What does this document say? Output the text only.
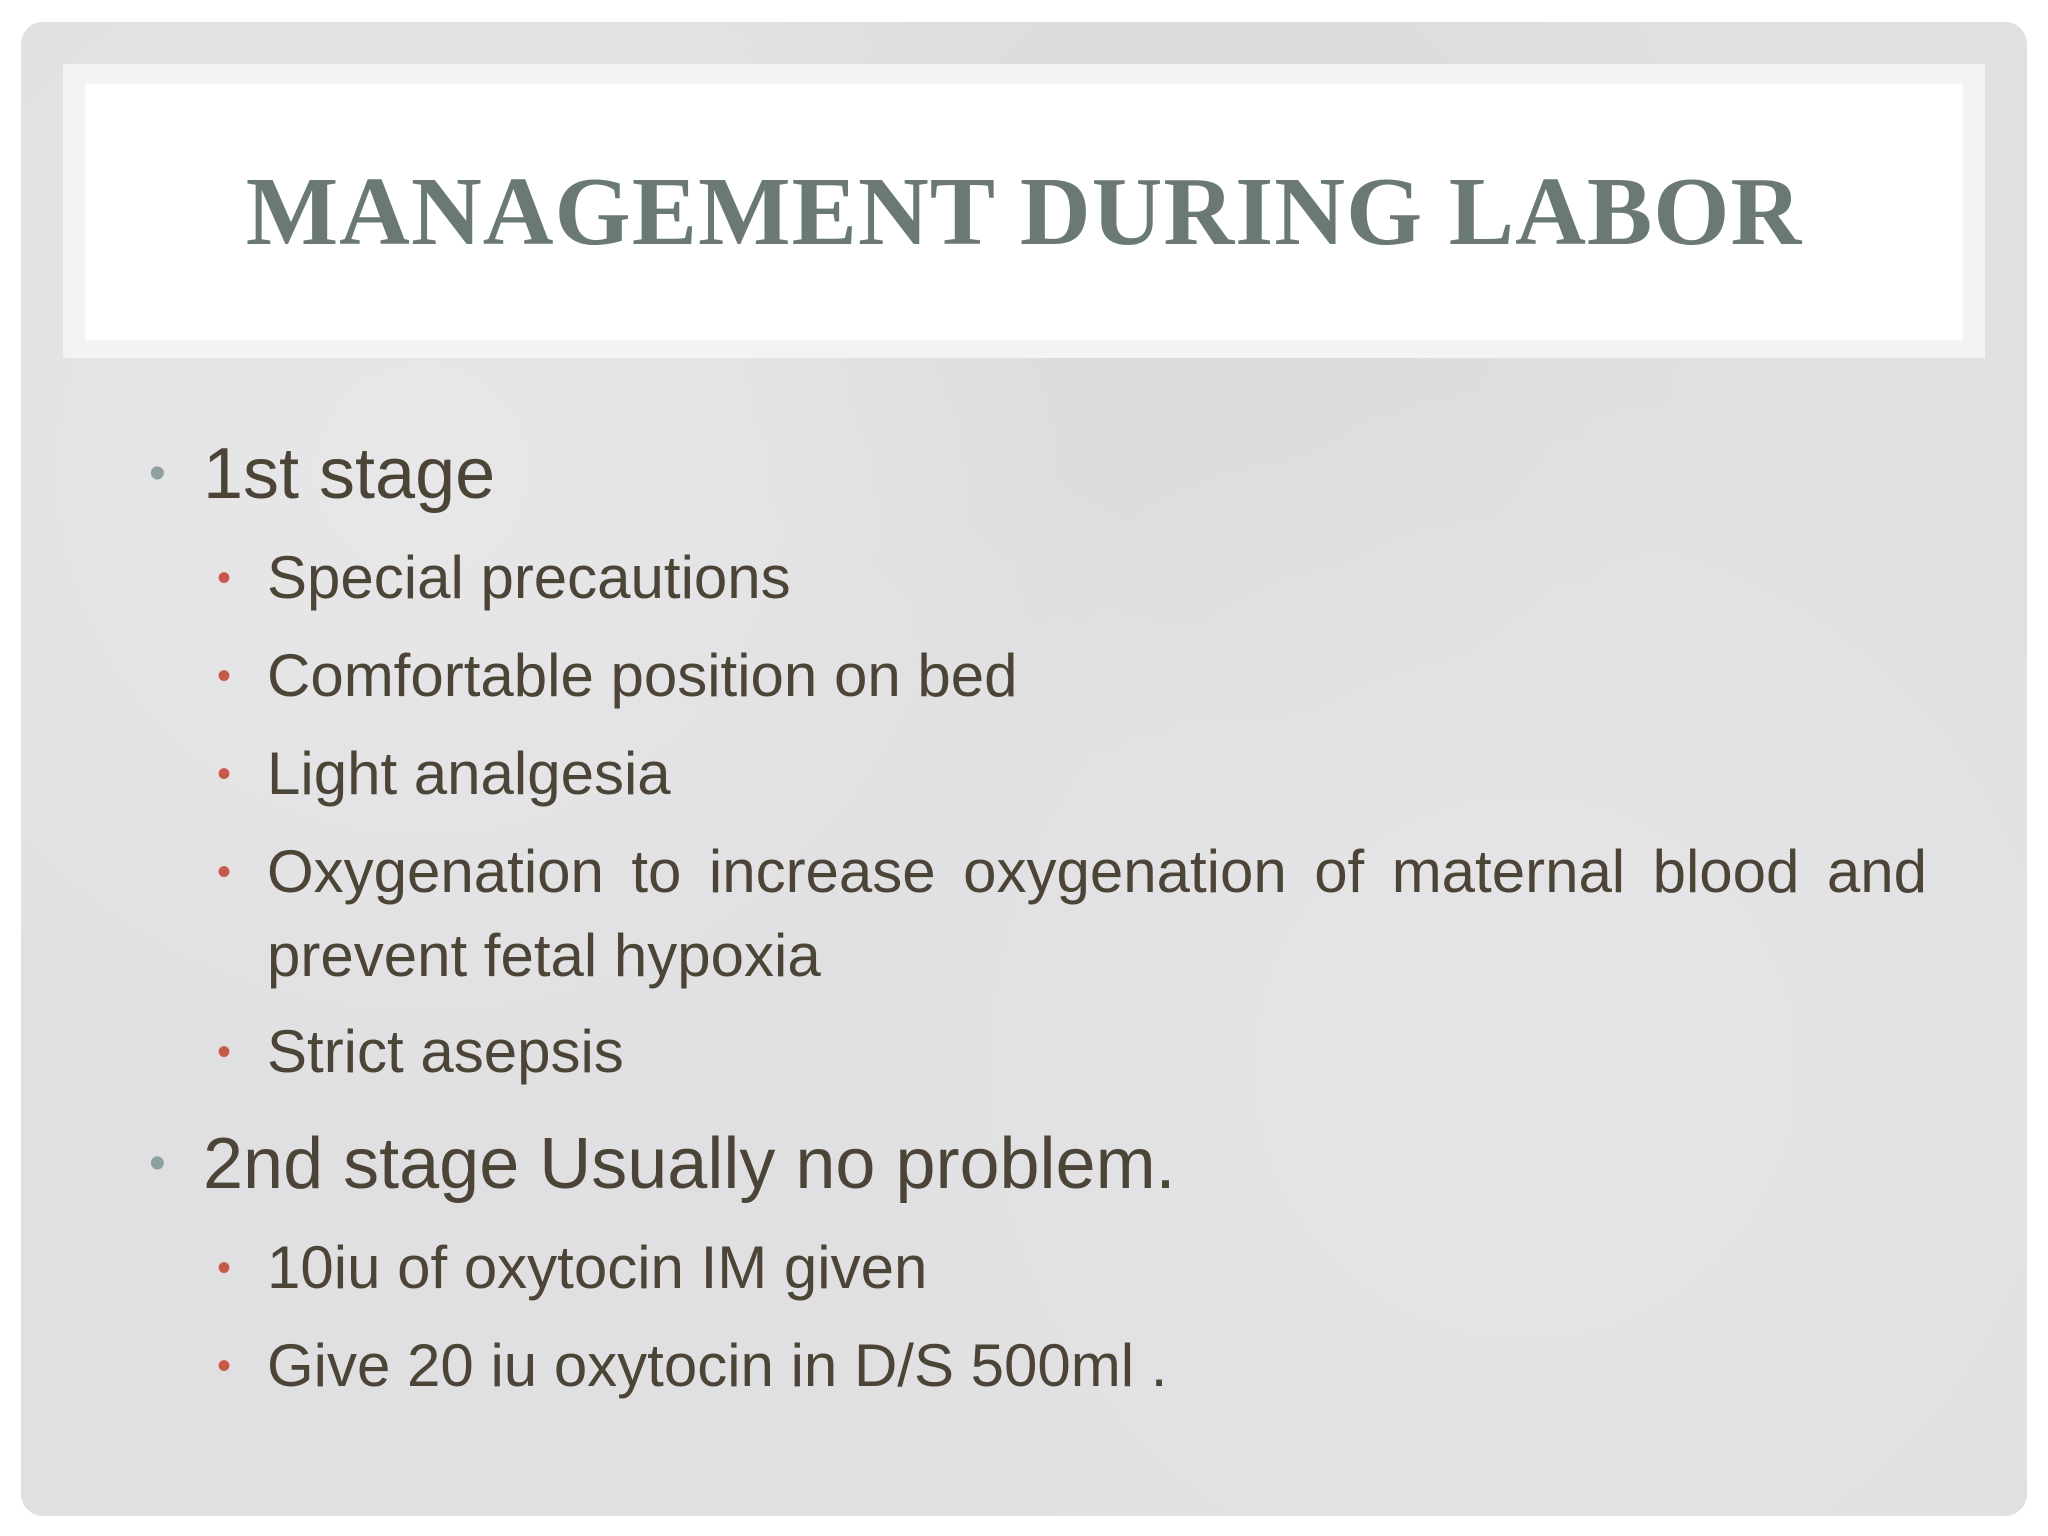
MANAGEMENT DURING LABOR
• 1st stage
• Special precautions
• Comfortable position on bed
• Light analgesia
• Oxygenation to increase oxygenation of maternal blood and prevent fetal hypoxia
• Strict asepsis
• 2nd stage Usually no problem.
• 10iu of oxytocin IM given
• Give 20 iu oxytocin in D/S 500ml .
